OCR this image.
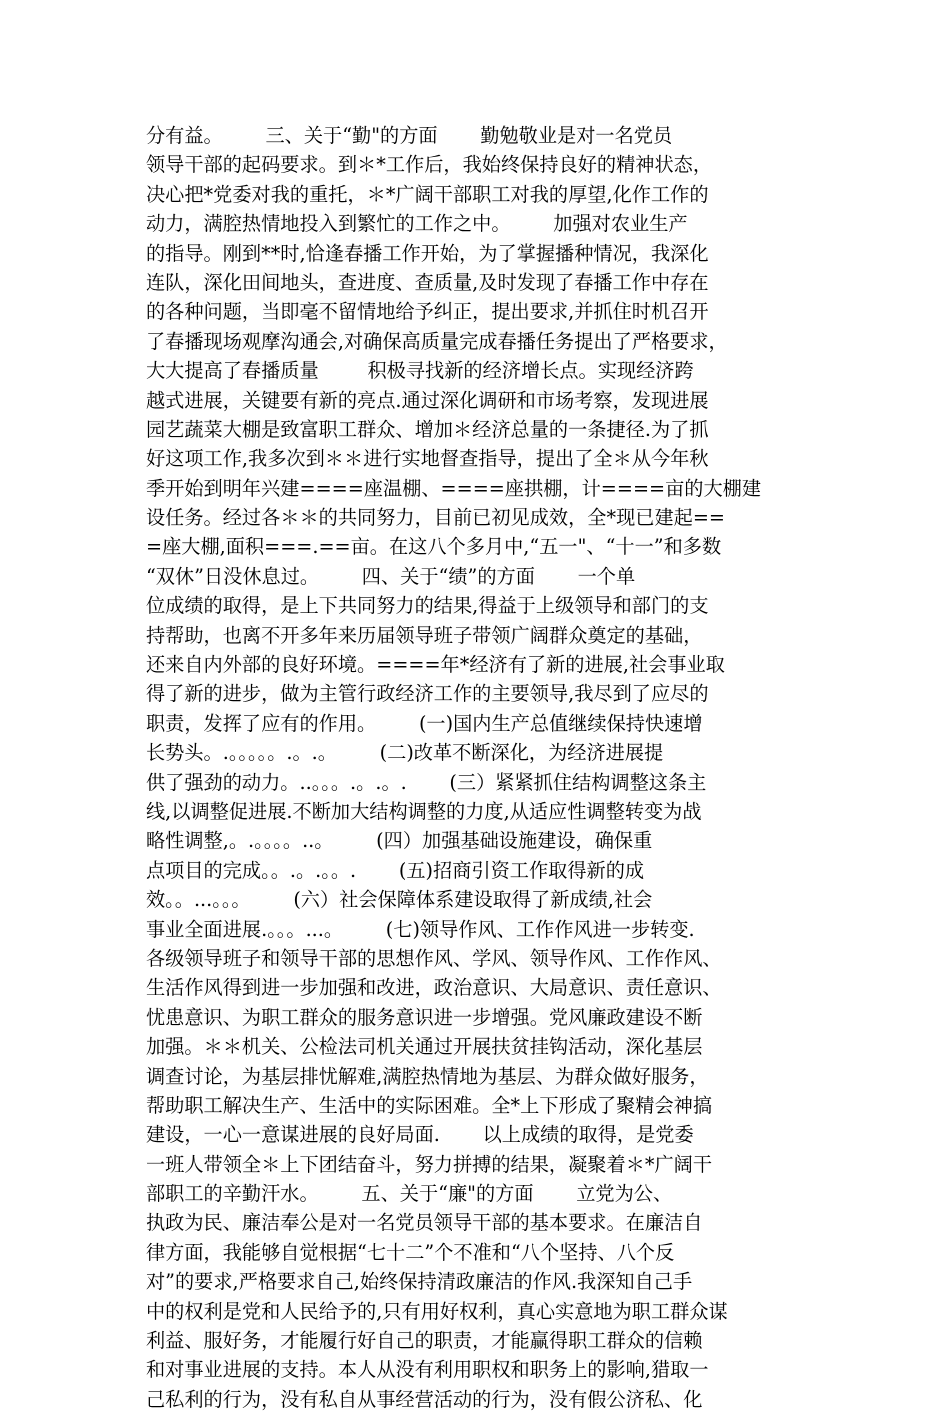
分有益。       三、关于“勤"的方面       勤勉敬业是对一名党员
领导干部的起码要求。到＊*工作后，我始终保持良好的精神状态，
决心把*党委对我的重托，＊*广阔干部职工对我的厚望,化作工作的
动力，满腔热情地投入到繁忙的工作之中。       加强对农业生产
的指导。刚到**时,恰逢春播工作开始，为了掌握播种情况，我深化
连队，深化田间地头，查进度、查质量,及时发现了春播工作中存在
的各种问题，当即毫不留情地给予纠正，提出要求,并抓住时机召开
了春播现场观摩沟通会,对确保高质量完成春播任务提出了严格要求，
大大提高了春播质量        积极寻找新的经济增长点。实现经济跨
越式进展，关键要有新的亮点.通过深化调研和市场考察，发现进展
园艺蔬菜大棚是致富职工群众、增加＊经济总量的一条捷径.为了抓
好这项工作,我多次到＊＊进行实地督查指导，提出了全＊从今年秋
季开始到明年兴建====座温棚、====座拱棚，计====亩的大棚建
设任务。经过各＊＊的共同努力，目前已初见成效，全*现已建起==
=座大棚,面积===.==亩。在这八个多月中,“五一"、“十一”和多数
“双休”日没休息过。       四、关于“绩”的方面       一个单
位成绩的取得，是上下共同努力的结果,得益于上级领导和部门的支
持帮助，也离不开多年来历届领导班子带领广阔群众奠定的基础，
还来自内外部的良好环境。====年*经济有了新的进展,社会事业取
得了新的进步，做为主管行政经济工作的主要领导,我尽到了应尽的
职责，发挥了应有的作用。       (一)国内生产总值继续保持快速增
长势头。.。。。。。.。.。       (二)改革不断深化，为经济进展提
供了强劲的动力。..。。。.。.。.       (三）紧紧抓住结构调整这条主
线,以调整促进展.不断加大结构调整的力度,从适应性调整转变为战
略性调整,。.。。。。..。       (四）加强基础设施建设，确保重
点项目的完成。。.。.。。.       (五)招商引资工作取得新的成
效。。...。。。       (六）社会保障体系建设取得了新成绩,社会
事业全面进展.。。。...。       (七)领导作风、工作作风进一步转变.
各级领导班子和领导干部的思想作风、学风、领导作风、工作作风、
生活作风得到进一步加强和改进，政治意识、大局意识、责任意识、
忧患意识、为职工群众的服务意识进一步增强。党风廉政建设不断
加强。＊＊机关、公检法司机关通过开展扶贫挂钩活动，深化基层
调查讨论，为基层排忧解难,满腔热情地为基层、为群众做好服务，
帮助职工解决生产、生活中的实际困难。全*上下形成了聚精会神搞
建设，一心一意谋进展的良好局面.       以上成绩的取得，是党委
一班人带领全＊上下团结奋斗，努力拼搏的结果，凝聚着＊*广阔干
部职工的辛勤汗水。       五、关于“廉"的方面       立党为公、
执政为民、廉洁奉公是对一名党员领导干部的基本要求。在廉洁自
律方面，我能够自觉根据“七十二”个不准和“八个坚持、八个反
对”的要求,严格要求自己,始终保持清政廉洁的作风.我深知自己手
中的权利是党和人民给予的,只有用好权利，真心实意地为职工群众谋
利益、服好务，才能履行好自己的职责，才能赢得职工群众的信赖
和对事业进展的支持。本人从没有利用职权和职务上的影响,猎取一
己私利的行为，没有私自从事经营活动的行为，没有假公济私、化
